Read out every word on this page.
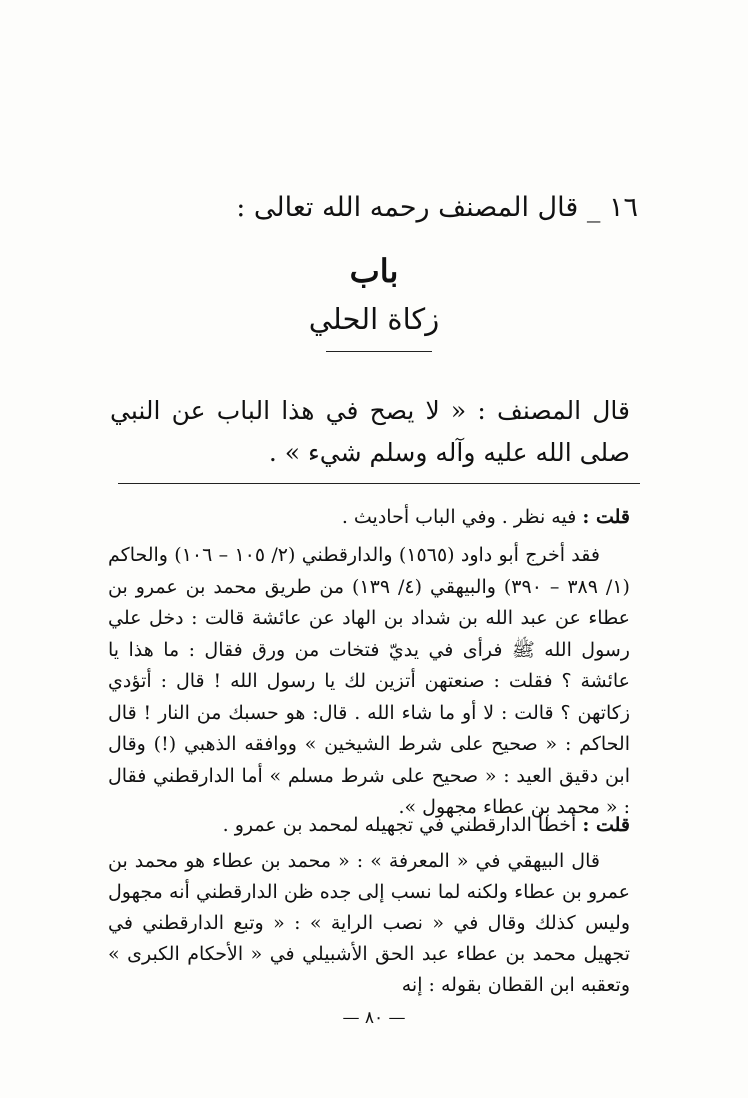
١٦ _ قال المصنف رحمه الله تعالى :
باب
زكاة الحلي
قال المصنف : « لا يصح في هذا الباب عن النبي صلى الله عليه وآله وسلم شيء » .
قلت : فيه نظر . وفي الباب أحاديث .
فقد أخرج أبو داود (١٥٦٥) والدارقطني (٢/ ١٠٥ – ١٠٦) والحاكم (١/ ٣٨٩ – ٣٩٠) والبيهقي (٤/ ١٣٩) من طريق محمد بن عمرو بن عطاء عن عبد الله بن شداد بن الهاد عن عائشة قالت : دخل علي رسول الله ﷺ فرأى في يديّ فتخات من ورق فقال : ما هذا يا عائشة ؟ فقلت : صنعتهن أتزين لك يا رسول الله ! قال : أتؤدي زكاتهن ؟ قالت : لا أو ما شاء الله . قال: هو حسبك من النار ! قال الحاكم : « صحيح على شرط الشيخين » ووافقه الذهبي (!) وقال ابن دقيق العيد : « صحيح على شرط مسلم » أما الدارقطني فقال : « محمد بن عطاء مجهول ».
قلت : أخطأ الدارقطني في تجهيله لمحمد بن عمرو .
قال البيهقي في « المعرفة » : « محمد بن عطاء هو محمد بن عمرو بن عطاء ولكنه لما نسب إلى جده ظن الدارقطني أنه مجهول وليس كذلك وقال في « نصب الراية » : « وتبع الدارقطني في تجهيل محمد بن عطاء عبد الحق الأشبيلي في « الأحكام الكبرى » وتعقبه ابن القطان بقوله : إنه
— ٨٠ —
